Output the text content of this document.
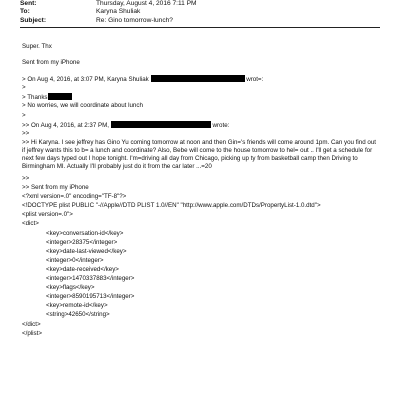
Sent:	Thursday, August 4, 2016 7:11 PM
To:	Karyna Shuliak
Subject:	Re: Gino tomorrow-lunch?
Super. Thx
Sent from my iPhone
> On Aug 4, 2016, at 3:07 PM, Karyna Shuliak	wrot=:
>
> Thanks
> No worries, we will coordinate about lunch
>
>> On Aug 4, 2016, at 2:37 PM,	wrote:
>>
>> Hi Karyna. I see jeffrey has Gino Yu coming tomorrow at noon and then Gin='s friends will come around 1pm. Can you find out if jeffrey wants this to b= a lunch and coordinate? Also, Bebe will come to the house tomorrow to hel= out .. I'll get a schedule for next few days typed out I hope tonight. I'm=driving all day from Chicago, picking up ty from basketball camp then Driving to Birmingham MI. Actually I'll probably just do it from the car later ...=20
>>
>> Sent from my iPhone
<?xml version=.0" encoding="TF-8"?>
<!DOCTYPE plist PUBLIC "-//Apple//DTD PLIST 1.0//EN" "http://www.apple.com/DTDs/PropertyList-1.0.dtd">
<plist version=.0">
<dict>
<key>conversation-id</key>
<integer>28375</integer>
<key>date-last-viewed</key>
<integer>0</integer>
<key>date-received</key>
<integer>1470337883</integer>
<key>flags</key>
<integer>8590195713</integer>
<key>remote-id</key>
<string>42650</string>
</dict>
</plist>
